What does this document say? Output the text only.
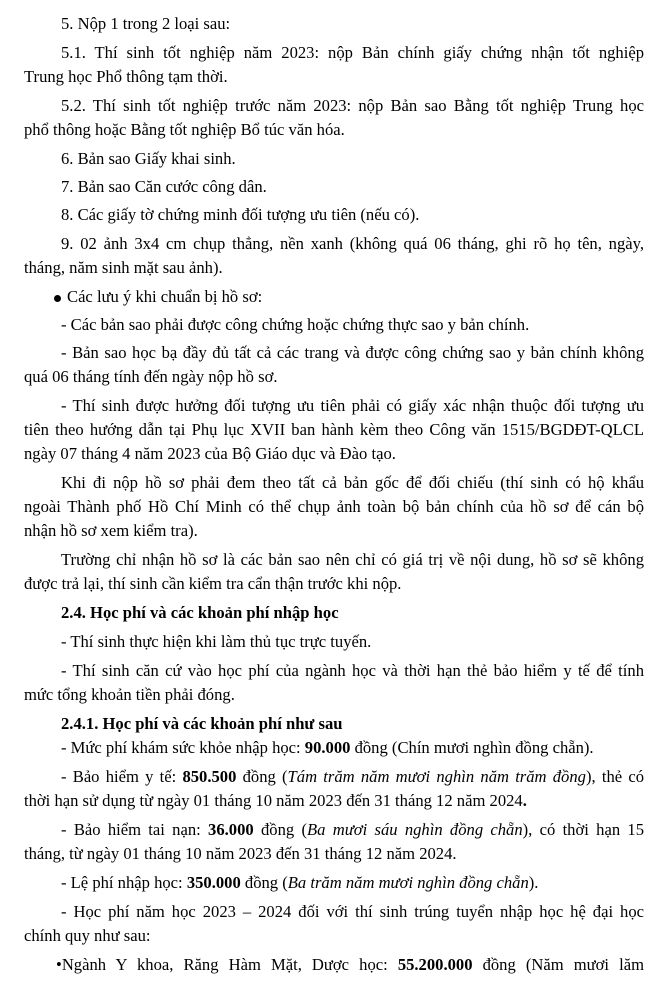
5. Nộp 1 trong 2 loại sau:
5.1. Thí sinh tốt nghiệp năm 2023: nộp Bản chính giấy chứng nhận tốt nghiệp
Trung học Phổ thông tạm thời.
5.2. Thí sinh tốt nghiệp trước năm 2023: nộp Bản sao Bằng tốt nghiệp Trung học
phổ thông hoặc Bằng tốt nghiệp Bổ túc văn hóa.
6. Bản sao Giấy khai sinh.
7. Bản sao Căn cước công dân.
8. Các giấy tờ chứng minh đối tượng ưu tiên (nếu có).
9. 02 ảnh 3x4 cm chụp thẳng, nền xanh (không quá 06 tháng, ghi rõ họ tên, ngày,
tháng, năm sinh mặt sau ảnh).
Các lưu ý khi chuẩn bị hồ sơ:
- Các bản sao phải được công chứng hoặc chứng thực sao y bản chính.
- Bản sao học bạ đầy đủ tất cả các trang và được công chứng sao y bản chính không
quá 06 tháng tính đến ngày nộp hồ sơ.
- Thí sinh được hưởng đối tượng ưu tiên phải có giấy xác nhận thuộc đối tượng ưu
tiên theo hướng dẫn tại Phụ lục XVII ban hành kèm theo Công văn 1515/BGDĐT-QLCL
ngày 07 tháng 4 năm 2023 của Bộ Giáo dục và Đào tạo.
Khi đi nộp hồ sơ phải đem theo tất cả bản gốc để đối chiếu (thí sinh có hộ khẩu
ngoài Thành phố Hồ Chí Minh có thể chụp ảnh toàn bộ bản chính của hồ sơ để cán bộ
nhận hồ sơ xem kiểm tra).
Trường chỉ nhận hồ sơ là các bản sao nên chỉ có giá trị về nội dung, hồ sơ sẽ không
được trả lại, thí sinh cần kiểm tra cẩn thận trước khi nộp.
2.4. Học phí và các khoản phí nhập học
- Thí sinh thực hiện khi làm thủ tục trực tuyến.
- Thí sinh căn cứ vào học phí của ngành học và thời hạn thẻ bảo hiểm y tế để tính
mức tổng khoản tiền phải đóng.
2.4.1. Học phí và các khoản phí như sau
- Mức phí khám sức khỏe nhập học: 90.000 đồng (Chín mươi nghìn đồng chẵn).
- Bảo hiểm y tế: 850.500 đồng (Tám trăm năm mươi nghìn năm trăm đồng), thẻ có
thời hạn sử dụng từ ngày 01 tháng 10 năm 2023 đến 31 tháng 12 năm 2024.
- Bảo hiểm tai nạn: 36.000 đồng (Ba mươi sáu nghìn đồng chẵn), có thời hạn 15
tháng, từ ngày 01 tháng 10 năm 2023 đến 31 tháng 12 năm 2024.
- Lệ phí nhập học: 350.000 đồng (Ba trăm năm mươi nghìn đồng chẵn).
- Học phí năm học 2023 – 2024 đối với thí sinh trúng tuyển nhập học hệ đại học
chính quy như sau:
•Ngành Y khoa, Răng Hàm Mặt, Dược học: 55.200.000 đồng (Năm mươi lăm
